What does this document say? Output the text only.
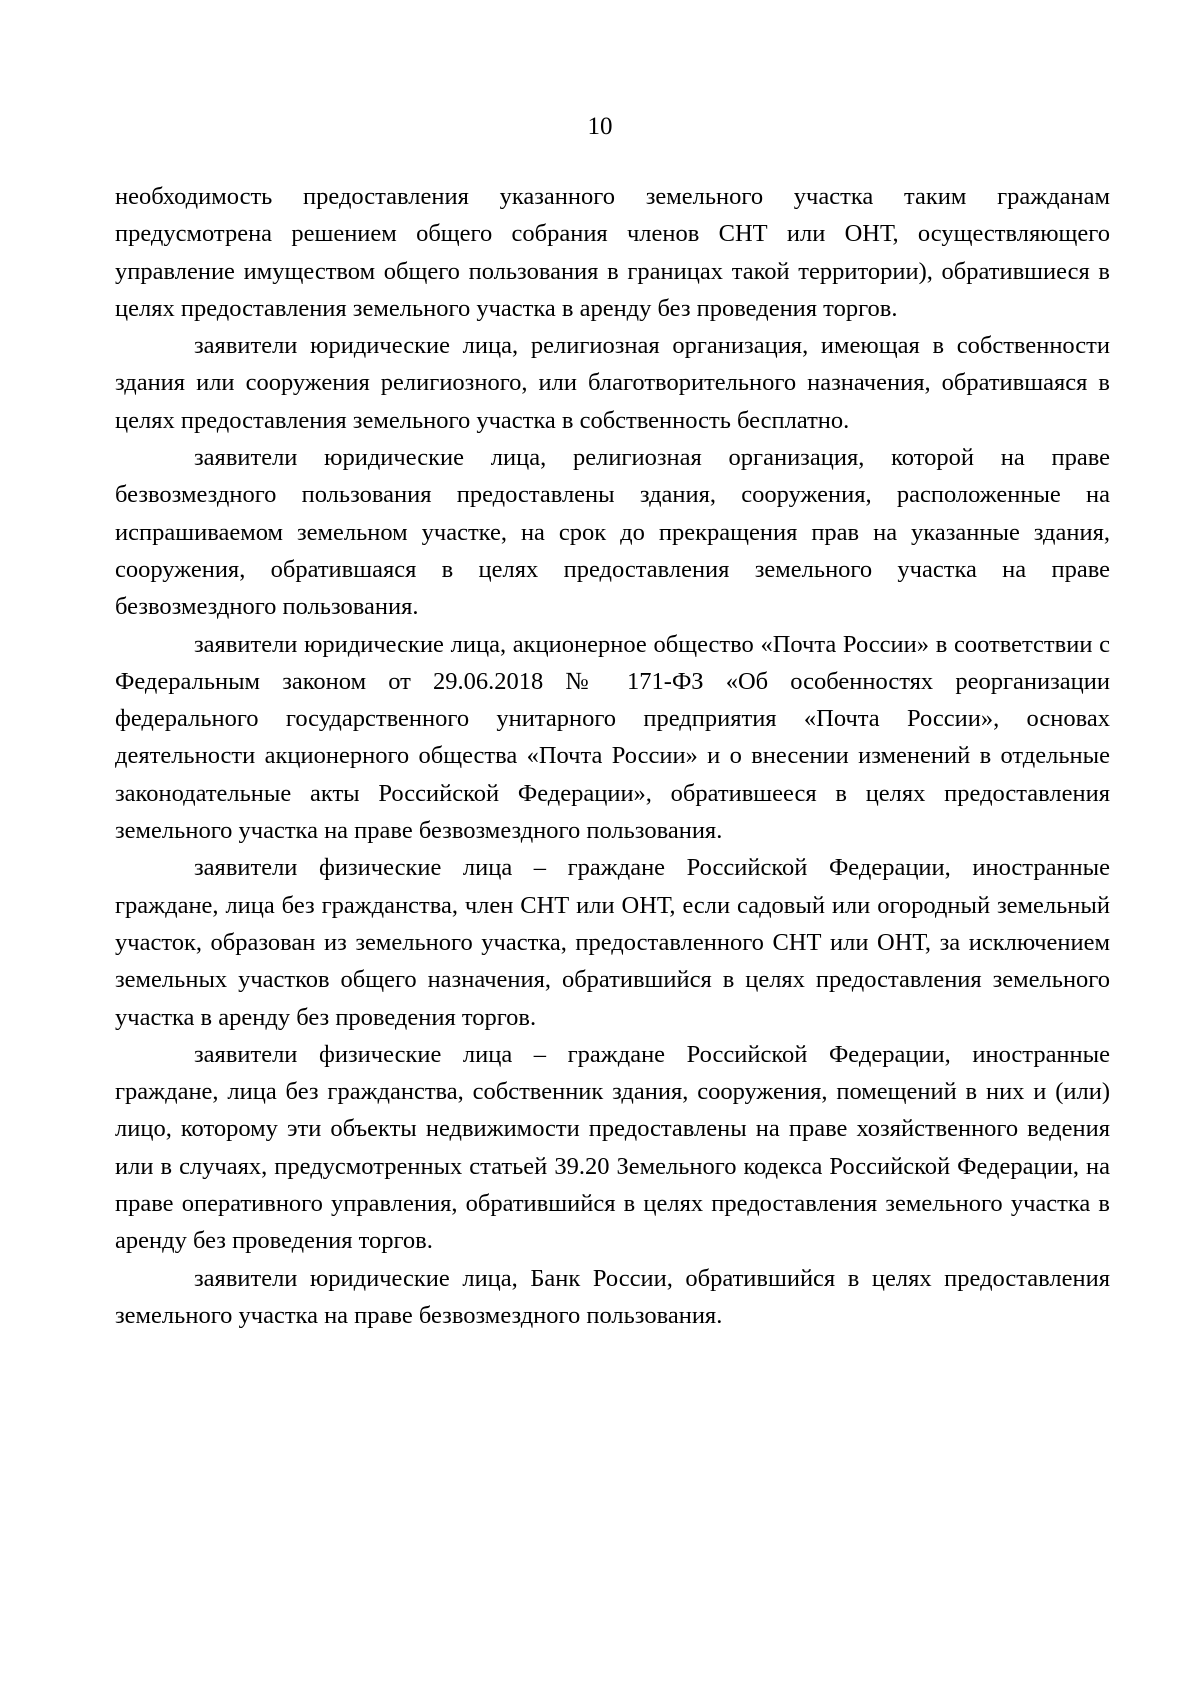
10

необходимость предоставления указанного земельного участка таким гражданам предусмотрена решением общего собрания членов СНТ или ОНТ, осуществляющего управление имуществом общего пользования в границах такой территории), обратившиеся в целях предоставления земельного участка в аренду без проведения торгов.

заявители юридические лица, религиозная организация, имеющая в собственности здания или сооружения религиозного, или благотворительного назначения, обратившаяся в целях предоставления земельного участка в собственность бесплатно.

заявители юридические лица, религиозная организация, которой на праве безвозмездного пользования предоставлены здания, сооружения, расположенные на испрашиваемом земельном участке, на срок до прекращения прав на указанные здания, сооружения, обратившаяся в целях предоставления земельного участка на праве безвозмездного пользования.

заявители юридические лица, акционерное общество «Почта России» в соответствии с Федеральным законом от 29.06.2018 № 171-ФЗ «Об особенностях реорганизации федерального государственного унитарного предприятия «Почта России», основах деятельности акционерного общества «Почта России» и о внесении изменений в отдельные законодательные акты Российской Федерации», обратившееся в целях предоставления земельного участка на праве безвозмездного пользования.

заявители физические лица – граждане Российской Федерации, иностранные граждане, лица без гражданства, член СНТ или ОНТ, если садовый или огородный земельный участок, образован из земельного участка, предоставленного СНТ или ОНТ, за исключением земельных участков общего назначения, обратившийся в целях предоставления земельного участка в аренду без проведения торгов.

заявители физические лица – граждане Российской Федерации, иностранные граждане, лица без гражданства, собственник здания, сооружения, помещений в них и (или) лицо, которому эти объекты недвижимости предоставлены на праве хозяйственного ведения или в случаях, предусмотренных статьей 39.20 Земельного кодекса Российской Федерации, на праве оперативного управления, обратившийся в целях предоставления земельного участка в аренду без проведения торгов.

заявители юридические лица, Банк России, обратившийся в целях предоставления земельного участка на праве безвозмездного пользования.
